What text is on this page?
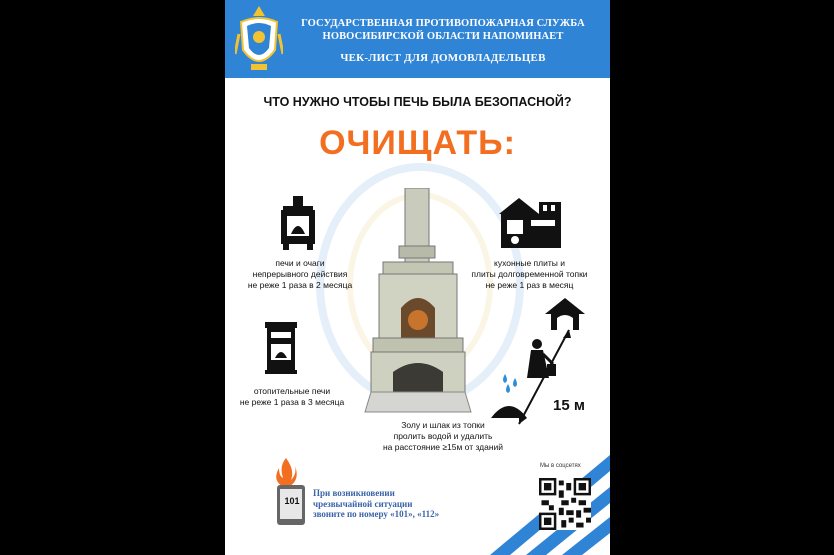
ГОСУДАРСТВЕННАЯ ПРОТИВОПОЖАРНАЯ СЛУЖБА
НОВОСИБИРСКОЙ ОБЛАСТИ НАПОМИНАЕТ
ЧЕК-ЛИСТ ДЛЯ ДОМОВЛАДЕЛЬЦЕВ
ЧТО НУЖНО ЧТОБЫ ПЕЧЬ БЫЛА БЕЗОПАСНОЙ?
ОЧИЩАТЬ:
печи и очаги
непрерывного действия
не реже 1 раза в 2 месяца
кухонные плиты и
плиты долговременной топки
не реже 1 раз в месяц
отопительные печи
не реже 1 раза в 3 месяца	15 м
Золу и шлак из топки
пролить водой и удалить
на расстояние ≥15м от зданий
101
При возникновении
чрезвычайной ситуации
звоните по номеру «101», «112»
Мы в соцсетях
